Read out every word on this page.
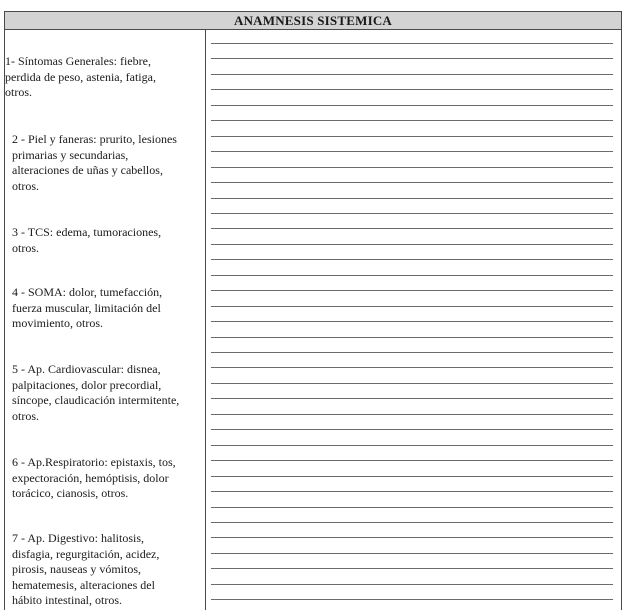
ANAMNESIS SISTEMICA
1- Síntomas Generales: fiebre,
perdida de peso, astenia, fatiga,
otros.
2 - Piel y faneras: prurito, lesiones
primarias y secundarias,
alteraciones de uñas y cabellos,
otros.
3 - TCS: edema, tumoraciones,
otros.
4 - SOMA: dolor, tumefacción,
fuerza muscular, limitación del
movimiento, otros.
5 - Ap. Cardiovascular: disnea,
palpitaciones, dolor precordial,
síncope, claudicación intermitente,
otros.
6 - Ap.Respiratorio: epistaxis, tos,
expectoración, hemóptisis, dolor
torácico, cianosis, otros.
7 - Ap. Digestivo: halitosis,
disfagia, regurgitación, acidez,
pirosis, nauseas y vómitos,
hematemesis, alteraciones del
hábito intestinal, otros.
